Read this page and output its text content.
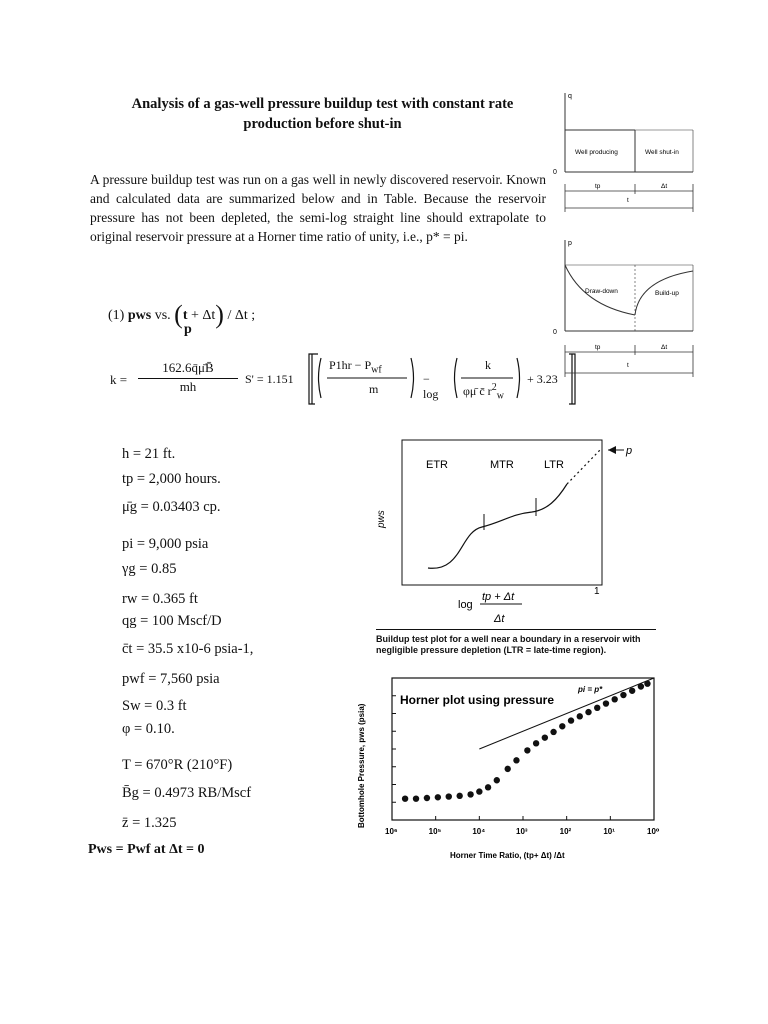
Analysis of a gas-well pressure buildup test with constant rate
production before shut-in
A pressure buildup test was run on a gas well in newly discovered reservoir. Known and calculated data are summarized below and in Table. Because the reservoir pressure has not been depleted, the semi-log straight line should extrapolate to original reservoir pressure at a Horner time ratio of unity, i.e., p* = pi.
(1) pws vs. (t + Δt) / Δt ;
p
$k = \frac{162.6q̄\mūB̄}{mh} S' = 1.151$
$P1hr - P_{wf}$
m
− log
k
φμ̄ c̄ $r^2_w$
+ 3.23
h = 21 ft.
tp = 2,000 hours.
μ̄g = 0.03403 cp.
pi = 9,000 psia
γg = 0.85
rw = 0.365 ft
qg = 100 Mscf/D
c̄t = 35.5 x10-6 psia-1,
pwf = 7,560 psia
Sw = 0.3 ft
φ = 0.10.
T = 670°R (210°F)
B̄g = 0.4973 RB/Mscf
z̄ = 1.325
Pws = Pwf at Δt = 0
q
0
Well producing	Well shut-in
tp	Δt
t
p
0
Draw-down	Build-up
tp	Δt
t
ETR	MTR	LTR
p
pws
log
tp + Δt
Δt
1
Buildup test plot for a well near a boundary in a reservoir with negligible pressure depletion (LTR = late-time region).
Horner plot using pressure
pi = p*
Bottomhole Pressure, pws (psia)
Horner Time Ratio, (tp+ Δt) /Δt
10⁶	10⁵	10⁴	10³	10²	10¹	10⁰
